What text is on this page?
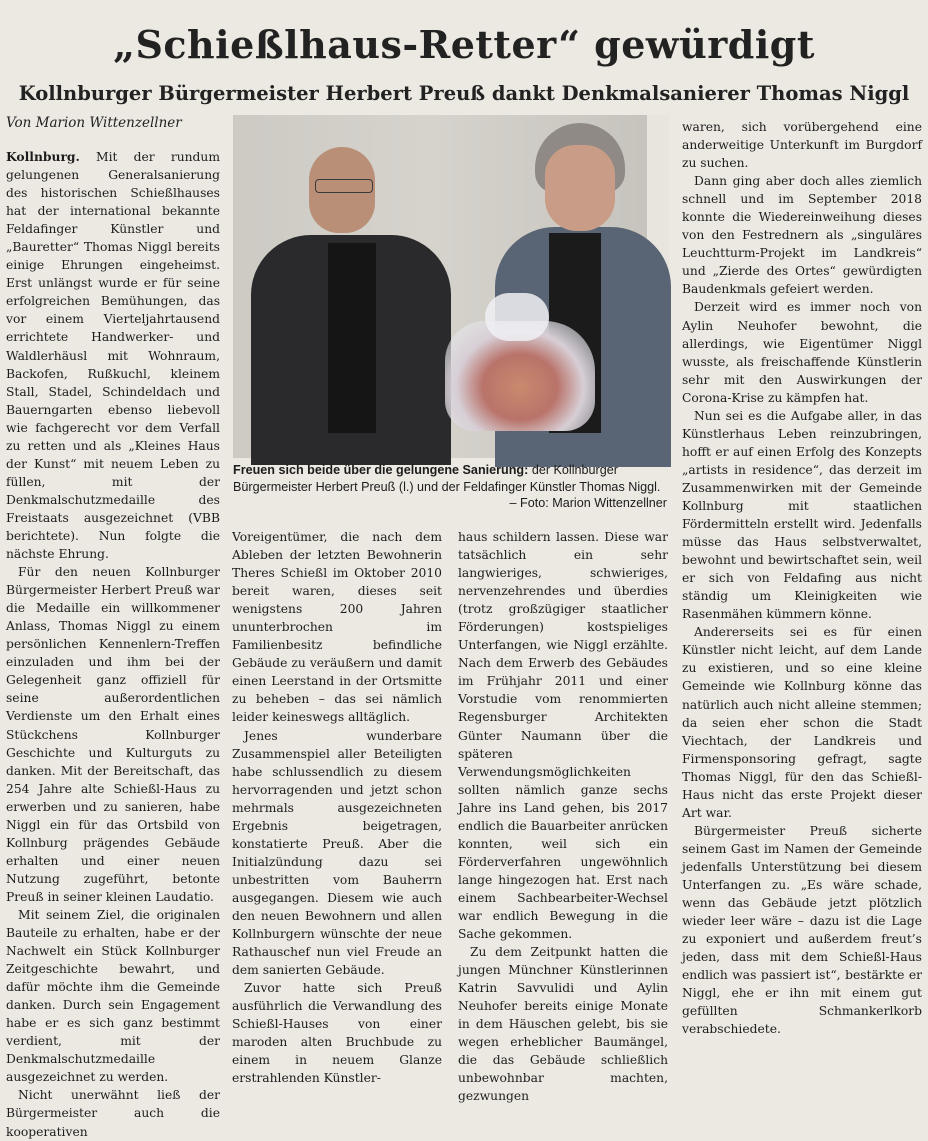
„Schießlhaus-Retter“ gewürdigt
Kollnburger Bürgermeister Herbert Preuß dankt Denkmalsanierer Thomas Niggl
Von Marion Wittenzellner

Kollnburg. Mit der rundum gelungenen Generalsanierung des historischen Schießlhauses hat der international bekannte Feldafinger Künstler und „Bauretter“ Thomas Niggl bereits einige Ehrungen eingeheimst. Erst unlängst wurde er für seine erfolgreichen Bemühungen, das vor einem Vierteljahrtausend errichtete Handwerker- und Waldlerhäusl mit Wohnraum, Backofen, Rußkuchl, kleinem Stall, Stadel, Schindeldach und Bauerngarten ebenso liebevoll wie fachgerecht vor dem Verfall zu retten und als „Kleines Haus der Kunst“ mit neuem Leben zu füllen, mit der Denkmalschutzmedaille des Freistaats ausgezeichnet (VBB berichtete). Nun folgte die nächste Ehrung.

Für den neuen Kollnburger Bürgermeister Herbert Preuß war die Medaille ein willkommener Anlass, Thomas Niggl zu einem persönlichen Kennenlern-Treffen einzuladen und ihm bei der Gelegenheit ganz offiziell für seine außerordentlichen Verdienste um den Erhalt eines Stückchens Kollnburger Geschichte und Kulturguts zu danken. Mit der Bereitschaft, das 254 Jahre alte Schießl-Haus zu erwerben und zu sanieren, habe Niggl ein für das Ortsbild von Kollnburg prägendes Gebäude erhalten und einer neuen Nutzung zugeführt, betonte Preuß in seiner kleinen Laudatio.

Mit seinem Ziel, die originalen Bauteile zu erhalten, habe er der Nachwelt ein Stück Kollnburger Zeitgeschichte bewahrt, und dafür möchte ihm die Gemeinde danken. Durch sein Engagement habe er es sich ganz bestimmt verdient, mit der Denkmalschutzmedaille ausgezeichnet zu werden.

Nicht unerwähnt ließ der Bürgermeister auch die kooperativen

Freuen sich beide über die gelungene Sanierung: der Kollnburger Bürgermeister Herbert Preuß (l.) und der Feldafinger Künstler Thomas Niggl.
– Foto: Marion Wittenzellner

Voreigentümer, die nach dem Ableben der letzten Bewohnerin Theres Schießl im Oktober 2010 bereit waren, dieses seit wenigstens 200 Jahren ununterbrochen im Familienbesitz befindliche Gebäude zu veräußern und damit einen Leerstand in der Ortsmitte zu beheben – das sei nämlich leider keineswegs alltäglich.

Jenes wunderbare Zusammenspiel aller Beteiligten habe schlussendlich zu diesem hervorragenden und jetzt schon mehrmals ausgezeichneten Ergebnis beigetragen, konstatierte Preuß. Aber die Initialzündung dazu sei unbestritten vom Bauherrn ausgegangen. Diesem wie auch den neuen Bewohnern und allen Kollnburgern wünschte der neue Rathauschef nun viel Freude an dem sanierten Gebäude.

Zuvor hatte sich Preuß ausführlich die Verwandlung des Schießl-Hauses von einer maroden alten Bruchbude zu einem in neuem Glanze erstrahlenden Künstler-

haus schildern lassen. Diese war tatsächlich ein sehr langwieriges, schwieriges, nervenzehrendes und überdies (trotz großzügiger staatlicher Förderungen) kostspieliges Unterfangen, wie Niggl erzählte. Nach dem Erwerb des Gebäudes im Frühjahr 2011 und einer Vorstudie vom renommierten Regensburger Architekten Günter Naumann über die späteren Verwendungsmöglichkeiten sollten nämlich ganze sechs Jahre ins Land gehen, bis 2017 endlich die Bauarbeiter anrücken konnten, weil sich ein Förderverfahren ungewöhnlich lange hingezogen hat. Erst nach einem Sachbearbeiter-Wechsel war endlich Bewegung in die Sache gekommen.

Zu dem Zeitpunkt hatten die jungen Münchner Künstlerinnen Katrin Savvulidi und Aylin Neuhofer bereits einige Monate in dem Häuschen gelebt, bis sie wegen erheblicher Baumängel, die das Gebäude schließlich unbewohnbar machten, gezwungen

waren, sich vorübergehend eine anderweitige Unterkunft im Burgdorf zu suchen.

Dann ging aber doch alles ziemlich schnell und im September 2018 konnte die Wiedereinweihung dieses von den Festrednern als „singuläres Leuchtturm-Projekt im Landkreis“ und „Zierde des Ortes“ gewürdigten Baudenkmals gefeiert werden.

Derzeit wird es immer noch von Aylin Neuhofer bewohnt, die allerdings, wie Eigentümer Niggl wusste, als freischaffende Künstlerin sehr mit den Auswirkungen der Corona-Krise zu kämpfen hat.

Nun sei es die Aufgabe aller, in das Künstlerhaus Leben reinzubringen, hofft er auf einen Erfolg des Konzepts „artists in residence“, das derzeit im Zusammenwirken mit der Gemeinde Kollnburg mit staatlichen Fördermitteln erstellt wird. Jedenfalls müsse das Haus selbstverwaltet, bewohnt und bewirtschaftet sein, weil er sich von Feldafing aus nicht ständig um Kleinigkeiten wie Rasenmähen kümmern könne.

Andererseits sei es für einen Künstler nicht leicht, auf dem Lande zu existieren, und so eine kleine Gemeinde wie Kollnburg könne das natürlich auch nicht alleine stemmen; da seien eher schon die Stadt Viechtach, der Landkreis und Firmensponsoring gefragt, sagte Thomas Niggl, für den das Schießl-Haus nicht das erste Projekt dieser Art war.

Bürgermeister Preuß sicherte seinem Gast im Namen der Gemeinde jedenfalls Unterstützung bei diesem Unterfangen zu. „Es wäre schade, wenn das Gebäude jetzt plötzlich wieder leer wäre – dazu ist die Lage zu exponiert und außerdem freut’s jeden, dass mit dem Schießl-Haus endlich was passiert ist“, bestärkte er Niggl, ehe er ihn mit einem gut gefüllten Schmankerlkorb verabschiedete.
